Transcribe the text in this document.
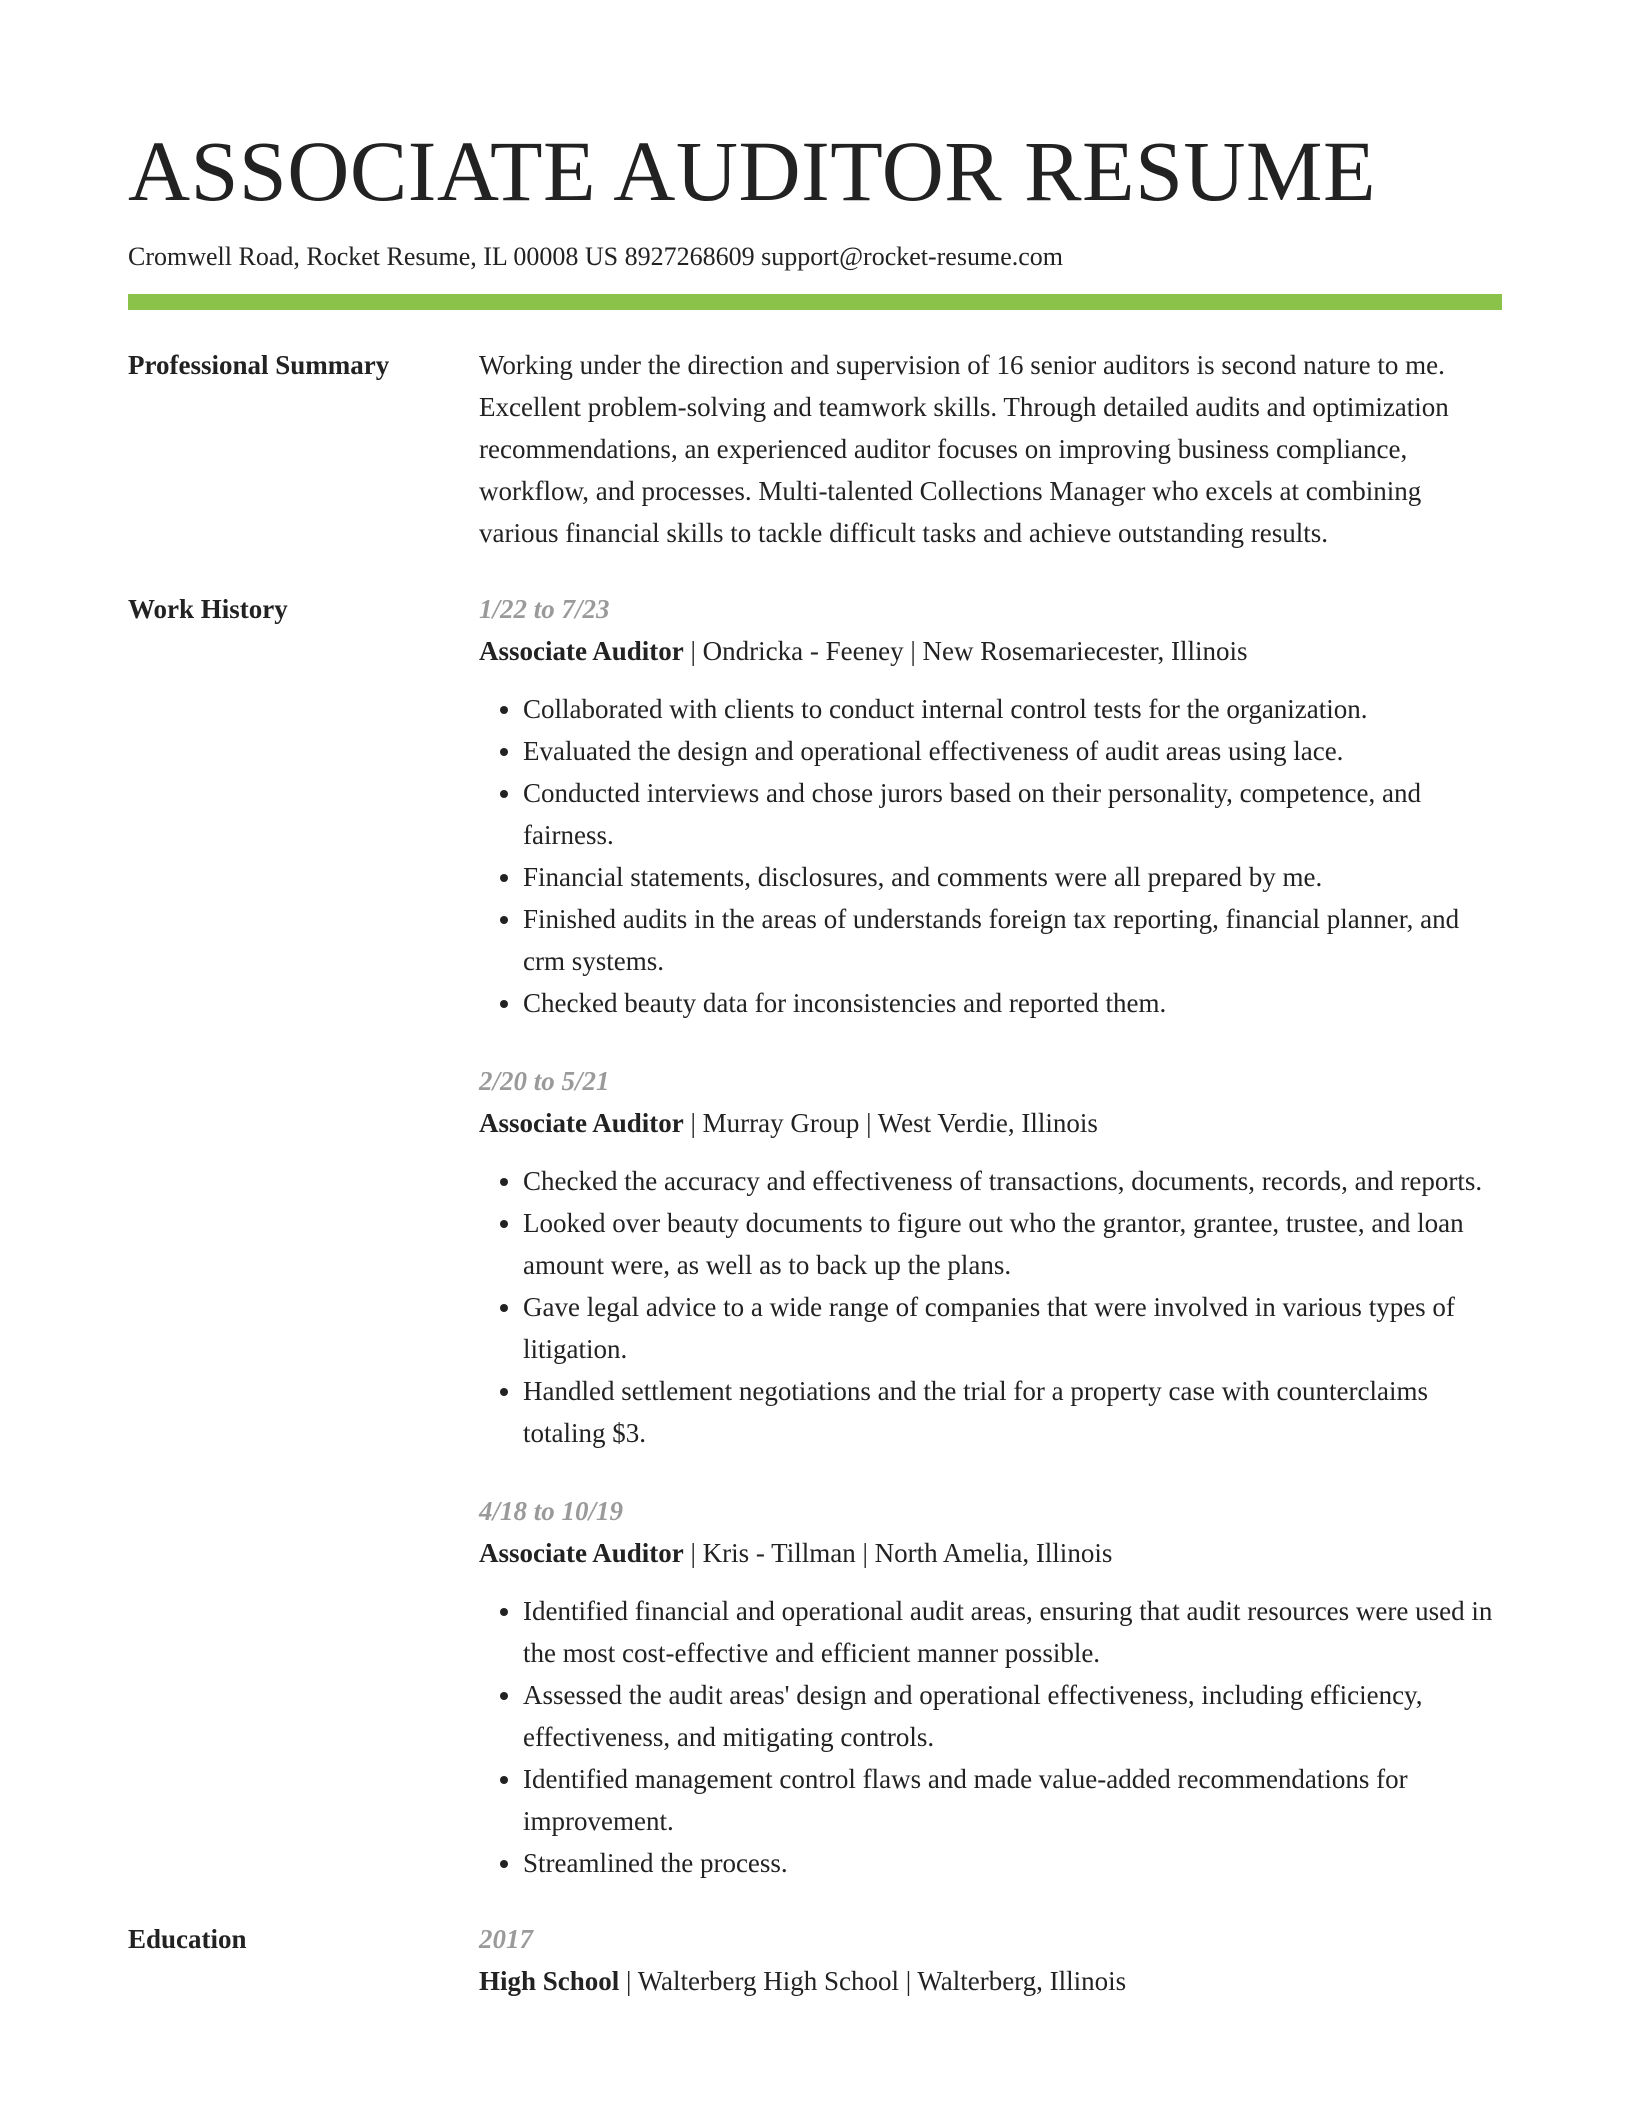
ASSOCIATE AUDITOR RESUME
Cromwell Road, Rocket Resume, IL 00008 US 8927268609 support@rocket-resume.com
Professional Summary	Working under the direction and supervision of 16 senior auditors is second nature to me. Excellent problem-solving and teamwork skills. Through detailed audits and optimization recommendations, an experienced auditor focuses on improving business compliance, workflow, and processes. Multi-talented Collections Manager who excels at combining various financial skills to tackle difficult tasks and achieve outstanding results.

Work History	1/22 to 7/23
Associate Auditor | Ondricka - Feeney | New Rosemariecester, Illinois
• Collaborated with clients to conduct internal control tests for the organization.
• Evaluated the design and operational effectiveness of audit areas using lace.
• Conducted interviews and chose jurors based on their personality, competence, and fairness.
• Financial statements, disclosures, and comments were all prepared by me.
• Finished audits in the areas of understands foreign tax reporting, financial planner, and crm systems.
• Checked beauty data for inconsistencies and reported them.
2/20 to 5/21
Associate Auditor | Murray Group | West Verdie, Illinois
• Checked the accuracy and effectiveness of transactions, documents, records, and reports.
• Looked over beauty documents to figure out who the grantor, grantee, trustee, and loan amount were, as well as to back up the plans.
• Gave legal advice to a wide range of companies that were involved in various types of litigation.
• Handled settlement negotiations and the trial for a property case with counterclaims totaling $3.
4/18 to 10/19
Associate Auditor | Kris - Tillman | North Amelia, Illinois
• Identified financial and operational audit areas, ensuring that audit resources were used in the most cost-effective and efficient manner possible.
• Assessed the audit areas' design and operational effectiveness, including efficiency, effectiveness, and mitigating controls.
• Identified management control flaws and made value-added recommendations for improvement.
• Streamlined the process.
Education	2017
High School | Walterberg High School | Walterberg, Illinois
